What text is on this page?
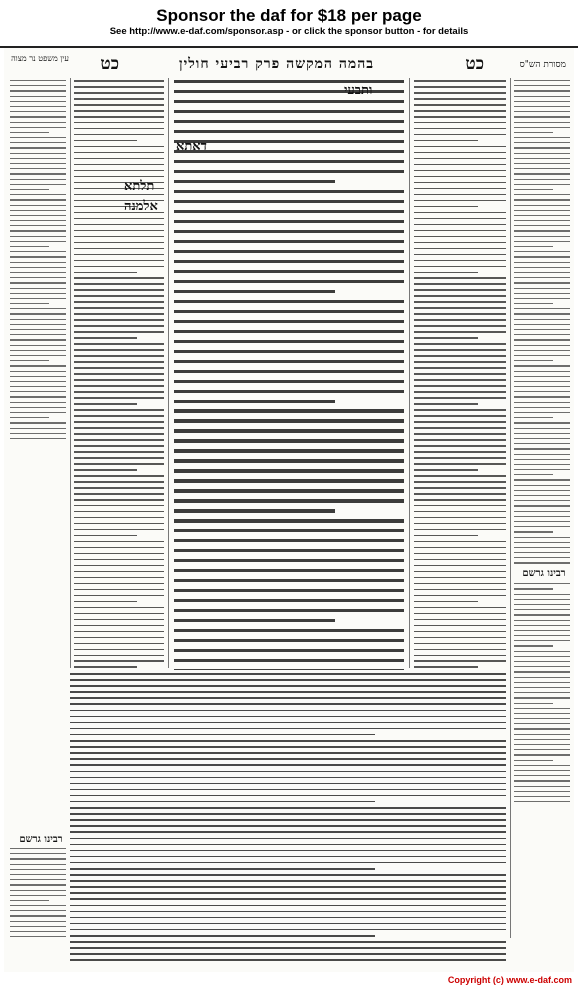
Sponsor the daf for $18 per page
See http://www.e-daf.com/sponsor.asp - or click the sponsor button - for details
מסורת הש"ס
כט
בהמה המקשה פרק רביעי חולין
כט
עין משפט נר מצוה
ותבעי
דאתא
תלתא
אלמנה
רבינו גרשם
רבינו גרשם
Copyright (c) www.e-daf.com
